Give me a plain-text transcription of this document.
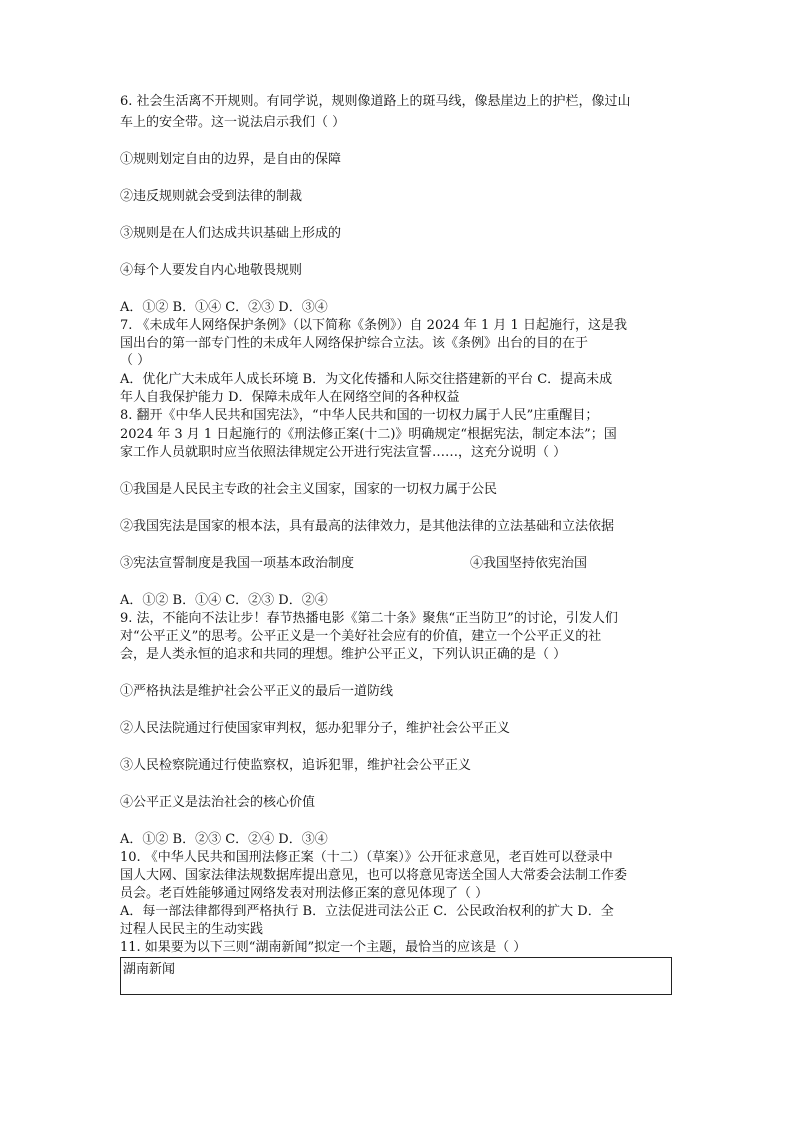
6. 社会生活离不开规则。有同学说，规则像道路上的斑马线，像悬崖边上的护栏，像过山
车上的安全带。这一说法启示我们（ ）
①规则划定自由的边界，是自由的保障
②违反规则就会受到法律的制裁
③规则是在人们达成共识基础上形成的
④每个人要发自内心地敬畏规则
A．①② B．①④ C．②③ D．③④
7. 《未成年人网络保护条例》（以下简称《条例》）自 2024 年 1 月 1 日起施行，这是我
国出台的第一部专门性的未成年人网络保护综合立法。该《条例》出台的目的在于
（ ）
A．优化广大未成年人成长环境 B．为文化传播和人际交往搭建新的平台 C．提高未成
年人自我保护能力 D．保障未成年人在网络空间的各种权益
8. 翻开《中华人民共和国宪法》，“中华人民共和国的一切权力属于人民”庄重醒目；
2024 年 3 月 1 日起施行的《刑法修正案(十二)》明确规定“根据宪法，制定本法”；国
家工作人员就职时应当依照法律规定公开进行宪法宣誓……，这充分说明（ ）
①我国是人民民主专政的社会主义国家，国家的一切权力属于公民
②我国宪法是国家的根本法，具有最高的法律效力，是其他法律的立法基础和立法依据
③宪法宣誓制度是我国一项基本政治制度	④我国坚持依宪治国
A．①② B．①④ C．②③ D．②④
9. 法，不能向不法让步！春节热播电影《第二十条》聚焦“正当防卫”的讨论，引发人们
对“公平正义”的思考。公平正义是一个美好社会应有的价值，建立一个公平正义的社
会，是人类永恒的追求和共同的理想。维护公平正义，下列认识正确的是（ ）
①严格执法是维护社会公平正义的最后一道防线
②人民法院通过行使国家审判权，惩办犯罪分子，维护社会公平正义
③人民检察院通过行使监察权，追诉犯罪，维护社会公平正义
④公平正义是法治社会的核心价值
A．①② B．②③ C．②④ D．③④
10. 《中华人民共和国刑法修正案（十二）（草案）》公开征求意见，老百姓可以登录中
国人大网、国家法律法规数据库提出意见，也可以将意见寄送全国人大常委会法制工作委
员会。老百姓能够通过网络发表对刑法修正案的意见体现了（ ）
A．每一部法律都得到严格执行 B．立法促进司法公正 C．公民政治权利的扩大 D．全
过程人民民主的生动实践
11. 如果要为以下三则“湖南新闻”拟定一个主题，最恰当的应该是（ ）
湖南新闻
